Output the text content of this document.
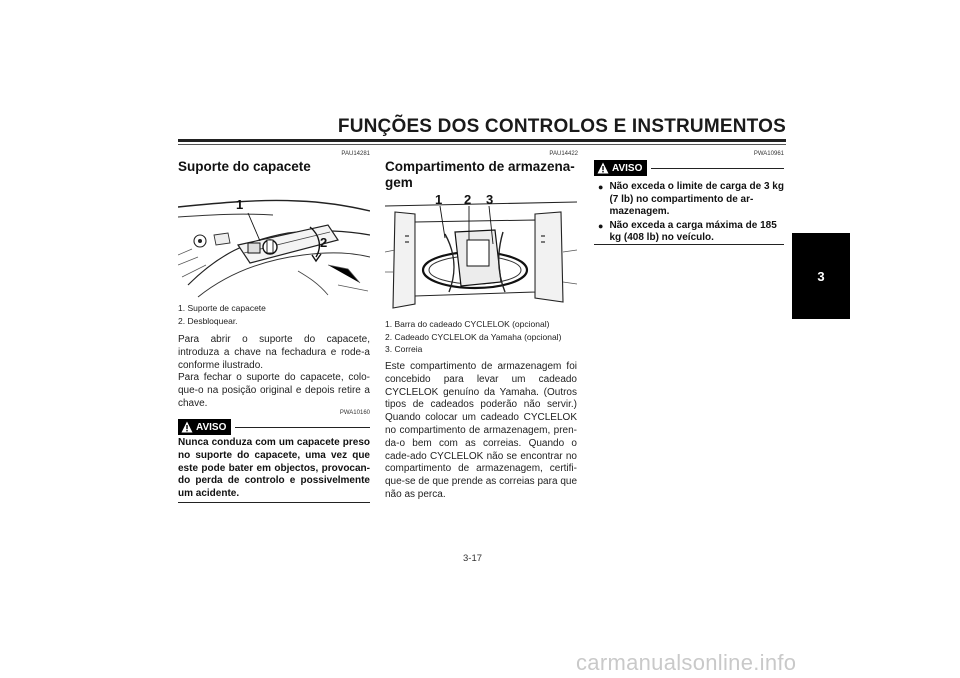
FUNÇÕES DOS CONTROLOS E INSTRUMENTOS
3
PAU14281
Suporte do capacete
1
2
1. Suporte de capacete
2. Desbloquear.
Para abrir o suporte do capacete, introduza a chave na fechadura e rode-a conforme ilustrado.
Para fechar o suporte do capacete, colo-que-o na posição original e depois retire a chave.
AVISO
PWA10160
Nunca conduza com um capacete preso no suporte do capacete, uma vez que este pode bater em objectos, provocan-do perda de controlo e possivelmente um acidente.
PAU14422
Compartimento de armazena-gem
1 2 3
1. Barra do cadeado CYCLELOK (opcional)
2. Cadeado CYCLELOK da Yamaha (opcional)
3. Correia
Este compartimento de armazenagem foi concebido para levar um cadeado CYCLELOK genuíno da Yamaha. (Outros tipos de cadeados poderão não servir.) Quando colocar um cadeado CYCLELOK no compartimento de armazenagem, pren-da-o bem com as correias. Quando o cade-ado CYCLELOK não se encontrar no compartimento de armazenagem, certifi-que-se de que prende as correias para que não as perca.
PWA10961
AVISO
● Não exceda o limite de carga de 3 kg (7 lb) no compartimento de ar-mazenagem.
● Não exceda a carga máxima de 185 kg (408 lb) no veículo.
3-17
carmanualsonline.info
